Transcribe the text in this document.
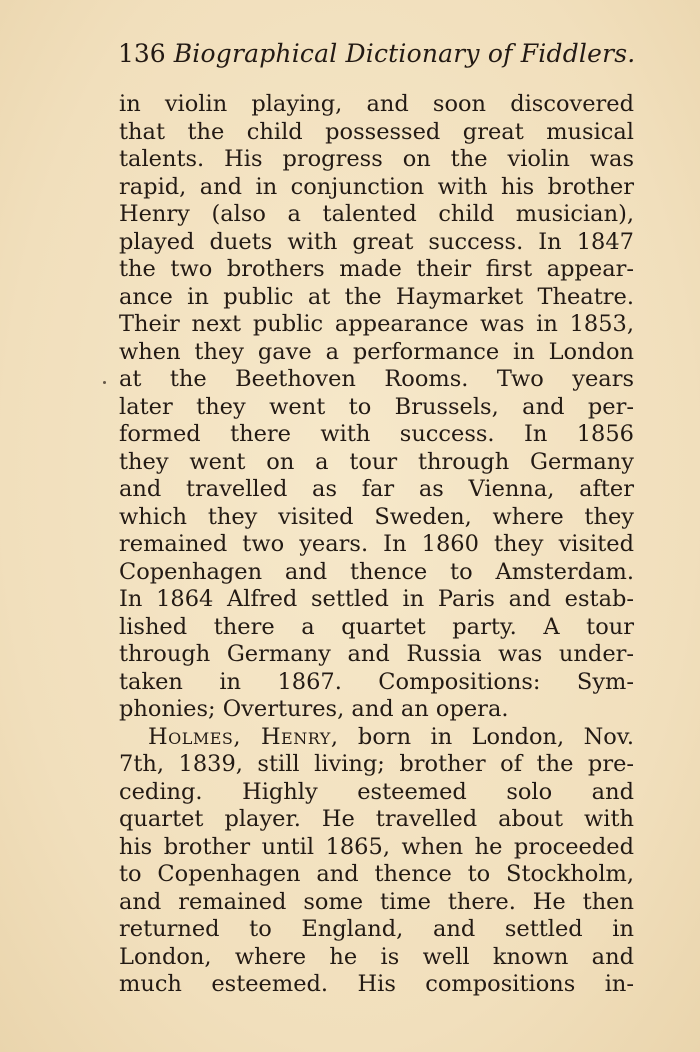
136 Biographical Dictionary of Fiddlers.
in violin playing, and soon discovered
that the child possessed great musical
talents. His progress on the violin was
rapid, and in conjunction with his brother
Henry (also a talented child musician),
played duets with great success. In 1847
the two brothers made their first appear-
ance in public at the Haymarket Theatre.
Their next public appearance was in 1853,
when they gave a performance in London
at the Beethoven Rooms. Two years
later they went to Brussels, and per-
formed there with success. In 1856
they went on a tour through Germany
and travelled as far as Vienna, after
which they visited Sweden, where they
remained two years. In 1860 they visited
Copenhagen and thence to Amsterdam.
In 1864 Alfred settled in Paris and estab-
lished there a quartet party. A tour
through Germany and Russia was under-
taken in 1867. Compositions: Sym-
phonies; Overtures, and an opera.
Holmes, Henry, born in London, Nov.
7th, 1839, still living; brother of the pre-
ceding. Highly esteemed solo and
quartet player. He travelled about with
his brother until 1865, when he proceeded
to Copenhagen and thence to Stockholm,
and remained some time there. He then
returned to England, and settled in
London, where he is well known and
much esteemed. His compositions in-
